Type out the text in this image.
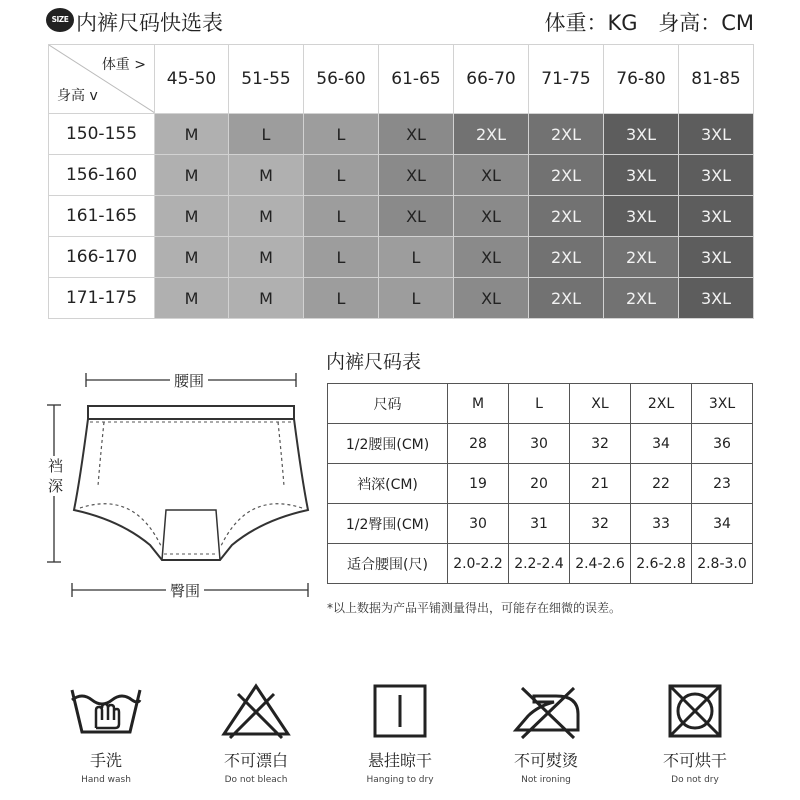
SIZE 内裤尺码快选表	体重：KG 身高：CM
体重 >
身高 v	45-50	51-55	56-60	61-65	66-70	71-75	76-80	81-85
150-155	M	L	L	XL	2XL	2XL	3XL	3XL
156-160	M	M	L	XL	XL	2XL	3XL	3XL
161-165	M	M	L	XL	XL	2XL	3XL	3XL
166-170	M	M	L	L	XL	2XL	2XL	3XL
171-175	M	M	L	L	XL	2XL	2XL	3XL
腰围
裆深
臀围
内裤尺码表
尺码	M	L	XL	2XL	3XL
1/2腰围(CM)	28	30	32	34	36
裆深(CM)	19	20	21	22	23
1/2臀围(CM)	30	31	32	33	34
适合腰围(尺)	2.0-2.2	2.2-2.4	2.4-2.6	2.6-2.8	2.8-3.0
*以上数据为产品平铺测量得出，可能存在细微的误差。
手洗
Hand wash
不可漂白
Do not bleach
悬挂晾干
Hanging to dry
不可熨烫
Not ironing
不可烘干
Do not dry
